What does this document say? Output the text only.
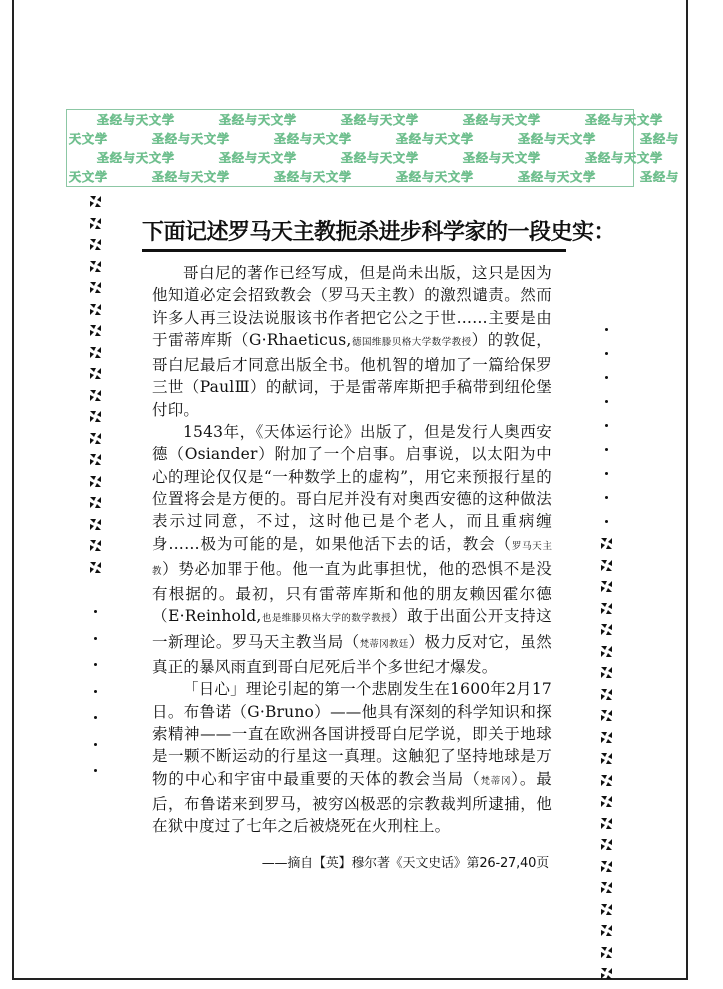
圣经与天文学	圣经与天文学	圣经与天文学	圣经与天文学	圣经与天文学
天文学	圣经与天文学	圣经与天文学	圣经与天文学	圣经与天文学	圣经与
圣经与天文学	圣经与天文学	圣经与天文学	圣经与天文学	圣经与天文学
天文学	圣经与天文学	圣经与天文学	圣经与天文学	圣经与天文学	圣经与
下面记述罗马天主教扼杀进步科学家的一段史实：

哥白尼的著作已经写成，但是尚未出版，这只是因为他知道必定会招致教会（罗马天主教）的激烈谴责。然而许多人再三设法说服该书作者把它公之于世……主要是由于雷蒂库斯（G·Rhaeticus,德国维滕贝格大学数学教授）的敦促，哥白尼最后才同意出版全书。他机智的增加了一篇给保罗三世（PaulⅢ）的献词，于是雷蒂库斯把手稿带到纽伦堡付印。

1543年，《天体运行论》出版了，但是发行人奥西安德（Osiander）附加了一个启事。启事说，以太阳为中心的理论仅仅是“一种数学上的虚构”，用它来预报行星的位置将会是方便的。哥白尼并没有对奥西安德的这种做法表示过同意，不过，这时他已是个老人，而且重病缠身……极为可能的是，如果他活下去的话，教会（罗马天主教）势必加罪于他。他一直为此事担忧，他的恐惧不是没有根据的。最初，只有雷蒂库斯和他的朋友赖因霍尔德（E·Reinhold,也是维滕贝格大学的数学教授）敢于出面公开支持这一新理论。罗马天主教当局（梵蒂冈教廷）极力反对它，虽然真正的暴风雨直到哥白尼死后半个多世纪才爆发。

「日心」理论引起的第一个悲剧发生在1600年2月17日。布鲁诺（G·Bruno）——他具有深刻的科学知识和探索精神——一直在欧洲各国讲授哥白尼学说，即关于地球是一颗不断运动的行星这一真理。这触犯了坚持地球是万物的中心和宇宙中最重要的天体的教会当局（梵蒂冈）。最后，布鲁诺来到罗马，被穷凶极恶的宗教裁判所逮捕，他在狱中度过了七年之后被烧死在火刑柱上。

——摘自【英】穆尔著《天文史话》第26-27,40页
